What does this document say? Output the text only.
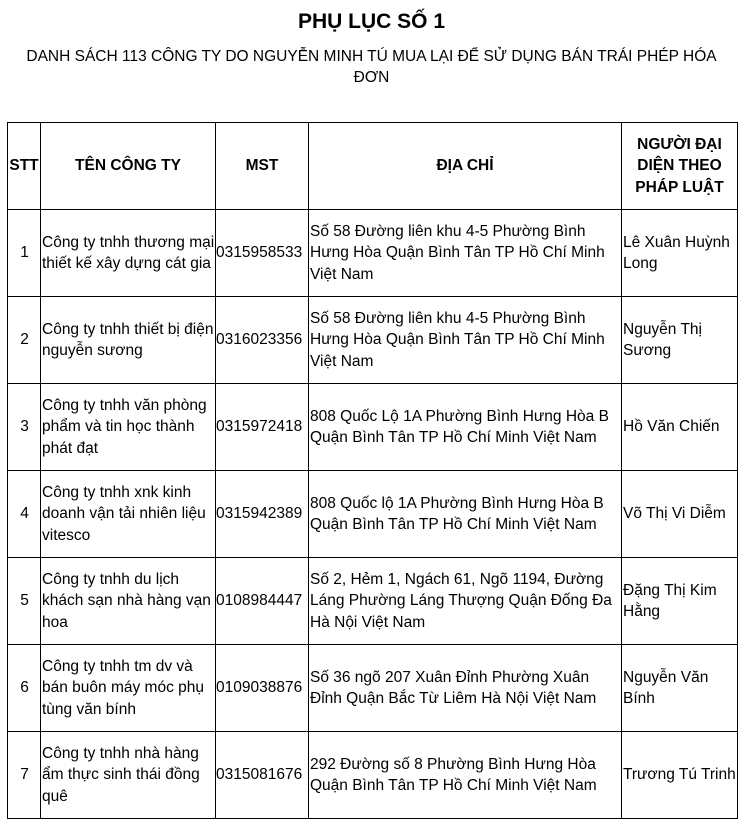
PHỤ LỤC SỐ 1
DANH SÁCH 113 CÔNG TY DO NGUYỄN MINH TÚ MUA LẠI ĐỂ SỬ DỤNG BÁN TRÁI PHÉP HÓA ĐƠN
STT	TÊN CÔNG TY	MST	ĐỊA CHỈ	NGƯỜI ĐẠI DIỆN THEO PHÁP LUẬT
1	Công ty tnhh thương mại thiết kế xây dựng cát gia	0315958533	Số 58 Đường liên khu 4-5 Phường Bình Hưng Hòa Quận Bình Tân TP Hồ Chí Minh Việt Nam	Lê Xuân Huỳnh Long
2	Công ty tnhh thiết bị điện nguyễn sương	0316023356	Số 58 Đường liên khu 4-5 Phường Bình Hưng Hòa Quận Bình Tân TP Hồ Chí Minh Việt Nam	Nguyễn Thị Sương
3	Công ty tnhh văn phòng phẩm và tin học thành phát đạt	0315972418	808 Quốc Lộ 1A Phường Bình Hưng Hòa B Quận Bình Tân TP Hồ Chí Minh Việt Nam	Hồ Văn Chiến
4	Công ty tnhh xnk kinh doanh vận tải nhiên liệu vitesco	0315942389	808 Quốc lộ 1A Phường Bình Hưng Hòa B Quận Bình Tân TP Hồ Chí Minh Việt Nam	Võ Thị Vi Diễm
5	Công ty tnhh du lịch khách sạn nhà hàng vạn hoa	0108984447	Số 2, Hẻm 1, Ngách 61, Ngõ 1194, Đường Láng Phường Láng Thượng Quận Đống Đa Hà Nội Việt Nam	Đặng Thị Kim Hằng
6	Công ty tnhh tm dv và bán buôn máy móc phụ tùng văn bính	0109038876	Số 36 ngõ 207 Xuân Đỉnh Phường Xuân Đỉnh Quận Bắc Từ Liêm Hà Nội Việt Nam	Nguyễn Văn Bính
7	Công ty tnhh nhà hàng ẩm thực sinh thái đồng quê	0315081676	292 Đường số 8 Phường Bình Hưng Hòa Quận Bình Tân TP Hồ Chí Minh Việt Nam	Trương Tú Trinh
